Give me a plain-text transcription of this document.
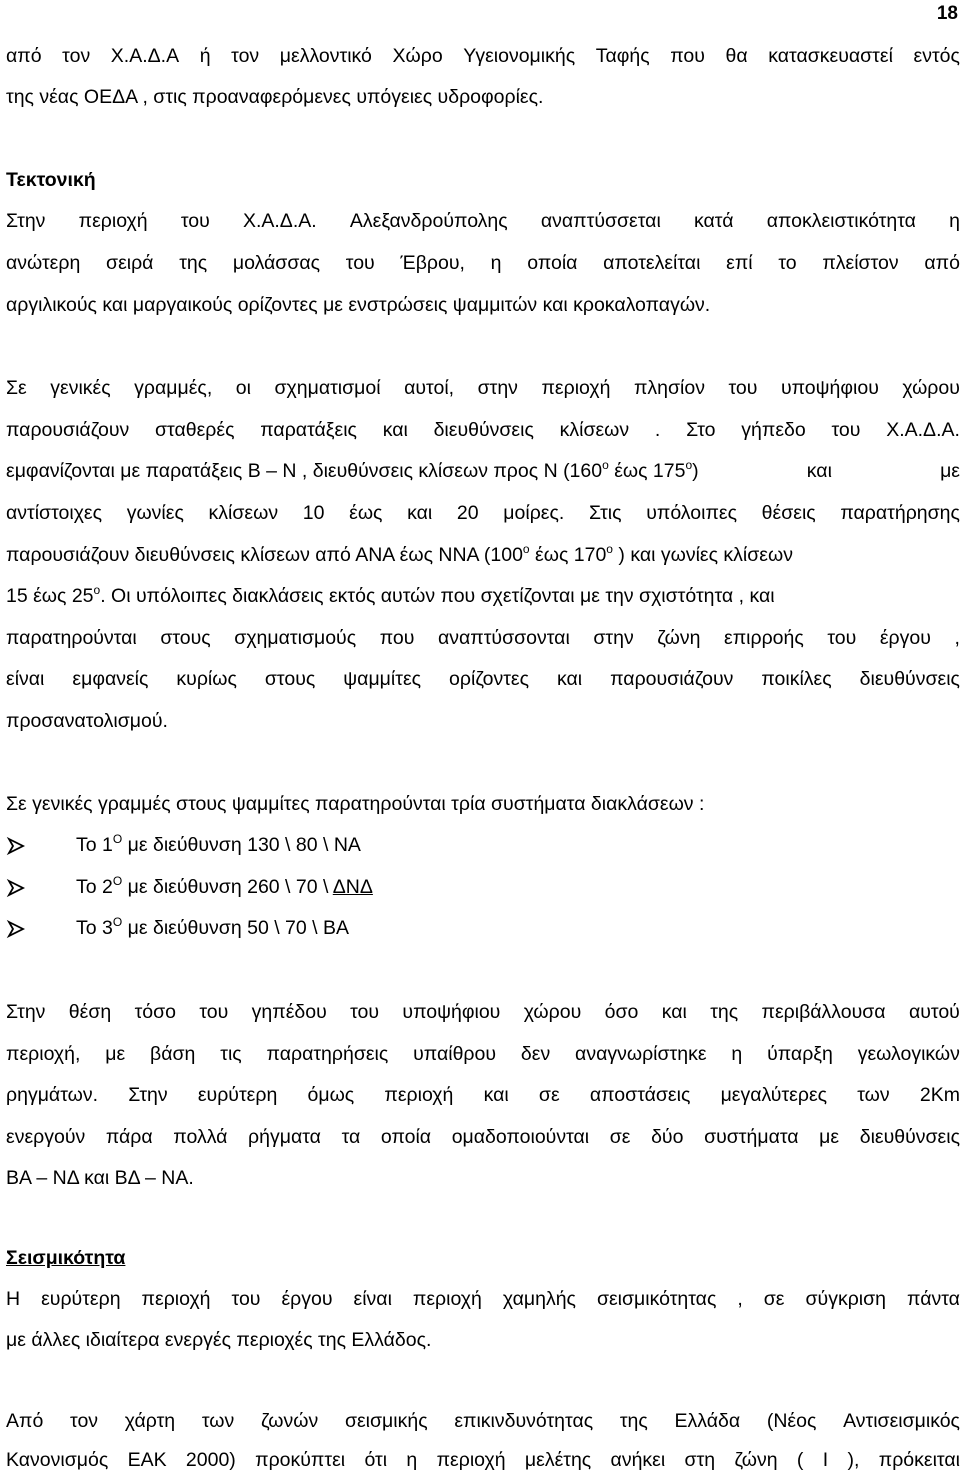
18
από τον Χ.Α.Δ.Α ή τον μελλοντικό Χώρο Υγειονομικής Ταφής που θα κατασκευαστεί εντός
της νέας ΟΕΔΑ , στις προαναφερόμενες υπόγειες υδροφορίες.
Τεκτονική
Στην περιοχή του Χ.Α.Δ.Α. Αλεξανδρούπολης αναπτύσσεται κατά αποκλειστικότητα η
ανώτερη σειρά της μολάσσας του Έβρου, η οποία αποτελείται επί το πλείστον από
αργιλικούς και μαργαικούς ορίζοντες με ενστρώσεις ψαμμιτών και κροκαλοπαγών.
Σε γενικές γραμμές, οι σχηματισμοί αυτοί, στην περιοχή πλησίον του υποψήφιου χώρου
παρουσιάζουν σταθερές παρατάξεις και διευθύνσεις κλίσεων . Στο γήπεδο του Χ.Α.Δ.Α.
εμφανίζονται με παρατάξεις Β – Ν , διευθύνσεις κλίσεων προς Ν ($160^o$ έως $175^o$)	και	με
αντίστοιχες γωνίες κλίσεων 10 έως και 20 μοίρες. Στις υπόλοιπες θέσεις παρατήρησης
παρουσιάζουν διευθύνσεις κλίσεων από ΑΝΑ έως ΝΝΑ ($100^o$ έως $170^o$ ) και γωνίες κλίσεων
15 έως $25^o$. Οι υπόλοιπες διακλάσεις εκτός αυτών που σχετίζονται με την σχιστότητα , και
παρατηρούνται στους σχηματισμούς που αναπτύσσονται στην ζώνη επιρροής του έργου ,
είναι εμφανείς κυρίως στους ψαμμίτες ορίζοντες και παρουσιάζουν ποικίλες διευθύνσεις
προσανατολισμού.
Σε γενικές γραμμές στους ψαμμίτες παρατηρούνται τρία συστήματα διακλάσεων :
Το $1^O$ με διεύθυνση 130 \ 80 \ ΝΑ
Το $2^O$ με διεύθυνση 260 \ 70 \ ΔΝΔ
Το $3^O$ με διεύθυνση 50 \ 70 \ ΒΑ
Στην θέση τόσο του γηπέδου του υποψήφιου χώρου όσο και της περιβάλλουσα αυτού
περιοχή, με βάση τις παρατηρήσεις υπαίθρου δεν αναγνωρίστηκε η ύπαρξη γεωλογικών
ρηγμάτων. Στην ευρύτερη όμως περιοχή και σε αποστάσεις μεγαλύτερες των 2Km
ενεργούν πάρα πολλά ρήγματα τα οποία ομαδοποιούνται σε δύο συστήματα με διευθύνσεις
ΒΑ – ΝΔ και ΒΔ – ΝΑ.
Σεισμικότητα
Η ευρύτερη περιοχή του έργου είναι περιοχή χαμηλής σεισμικότητας , σε σύγκριση πάντα
με άλλες ιδιαίτερα ενεργές περιοχές της Ελλάδος.
Από τον χάρτη των ζωνών σεισμικής επικινδυνότητας της Ελλάδα (Νέος Αντισεισμικός
Κανονισμός ΕΑΚ 2000) προκύπτει ότι η περιοχή μελέτης ανήκει στη ζώνη ( Ι ), πρόκειται
